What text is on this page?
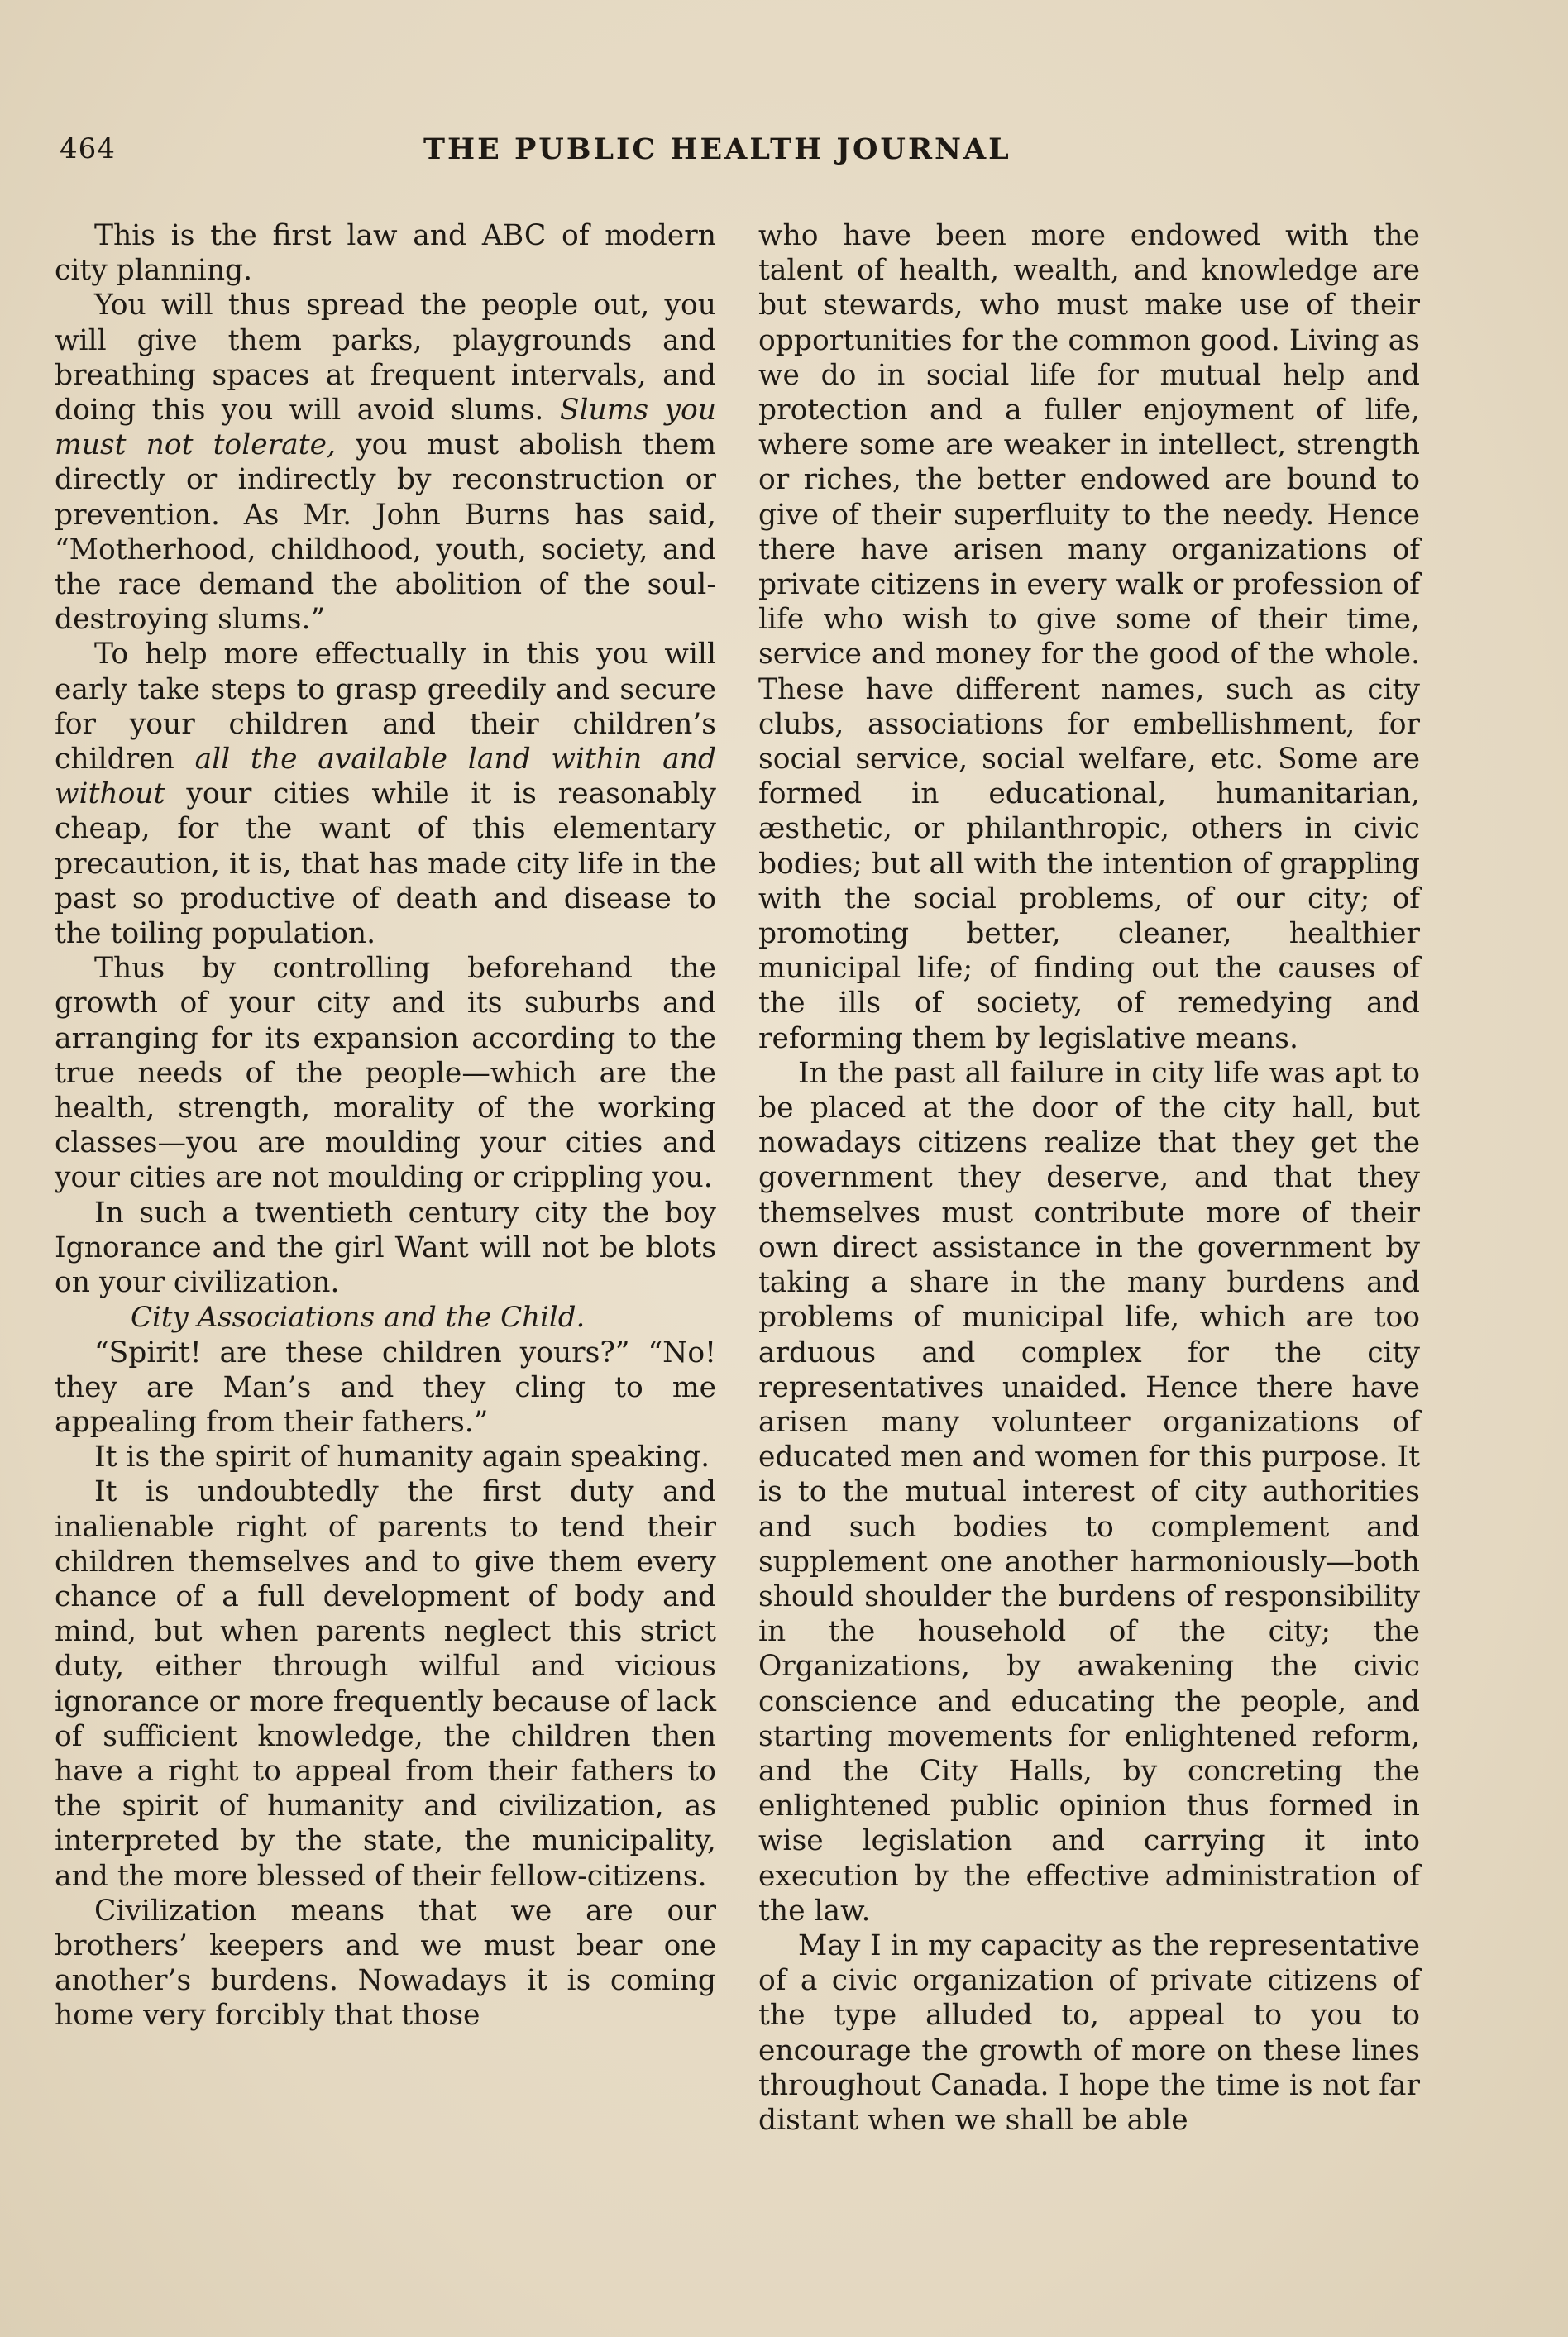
464	THE PUBLIC HEALTH JOURNAL

This is the first law and ABC of modern city planning.

You will thus spread the people out, you will give them parks, playgrounds and breathing spaces at frequent intervals, and doing this you will avoid slums. Slums you must not tolerate, you must abolish them directly or indirectly by reconstruction or prevention. As Mr. John Burns has said, “Motherhood, childhood, youth, society, and the race demand the abolition of the soul-destroying slums.”

To help more effectually in this you will early take steps to grasp greedily and secure for your children and their children’s children all the available land within and without your cities while it is reasonably cheap, for the want of this elementary precaution, it is, that has made city life in the past so productive of death and disease to the toiling population.

Thus by controlling beforehand the growth of your city and its suburbs and arranging for its expansion according to the true needs of the people—which are the health, strength, morality of the working classes—you are moulding your cities and your cities are not moulding or crippling you.

In such a twentieth century city the boy Ignorance and the girl Want will not be blots on your civilization.

City Associations and the Child.

“Spirit! are these children yours?” “No! they are Man’s and they cling to me appealing from their fathers.”

It is the spirit of humanity again speaking.

It is undoubtedly the first duty and inalienable right of parents to tend their children themselves and to give them every chance of a full development of body and mind, but when parents neglect this strict duty, either through wilful and vicious ignorance or more frequently because of lack of sufficient knowledge, the children then have a right to appeal from their fathers to the spirit of humanity and civilization, as interpreted by the state, the municipality, and the more blessed of their fellow-citizens.

Civilization means that we are our brothers’ keepers and we must bear one another’s burdens. Nowadays it is coming home very forcibly that those

who have been more endowed with the talent of health, wealth, and knowledge are but stewards, who must make use of their opportunities for the common good. Living as we do in social life for mutual help and protection and a fuller enjoyment of life, where some are weaker in intellect, strength or riches, the better endowed are bound to give of their superfluity to the needy. Hence there have arisen many organizations of private citizens in every walk or profession of life who wish to give some of their time, service and money for the good of the whole. These have different names, such as city clubs, associations for embellishment, for social service, social welfare, etc. Some are formed in educational, humanitarian, æsthetic, or philanthropic, others in civic bodies; but all with the intention of grappling with the social problems, of our city; of promoting better, cleaner, healthier municipal life; of finding out the causes of the ills of society, of remedying and reforming them by legislative means.

In the past all failure in city life was apt to be placed at the door of the city hall, but nowadays citizens realize that they get the government they deserve, and that they themselves must contribute more of their own direct assistance in the government by taking a share in the many burdens and problems of municipal life, which are too arduous and complex for the city representatives unaided. Hence there have arisen many volunteer organizations of educated men and women for this purpose. It is to the mutual interest of city authorities and such bodies to complement and supplement one another harmoniously—both should shoulder the burdens of responsibility in the household of the city; the Organizations, by awakening the civic conscience and educating the people, and starting movements for enlightened reform, and the City Halls, by concreting the enlightened public opinion thus formed in wise legislation and carrying it into execution by the effective administration of the law.

May I in my capacity as the representative of a civic organization of private citizens of the type alluded to, appeal to you to encourage the growth of more on these lines throughout Canada. I hope the time is not far distant when we shall be able
